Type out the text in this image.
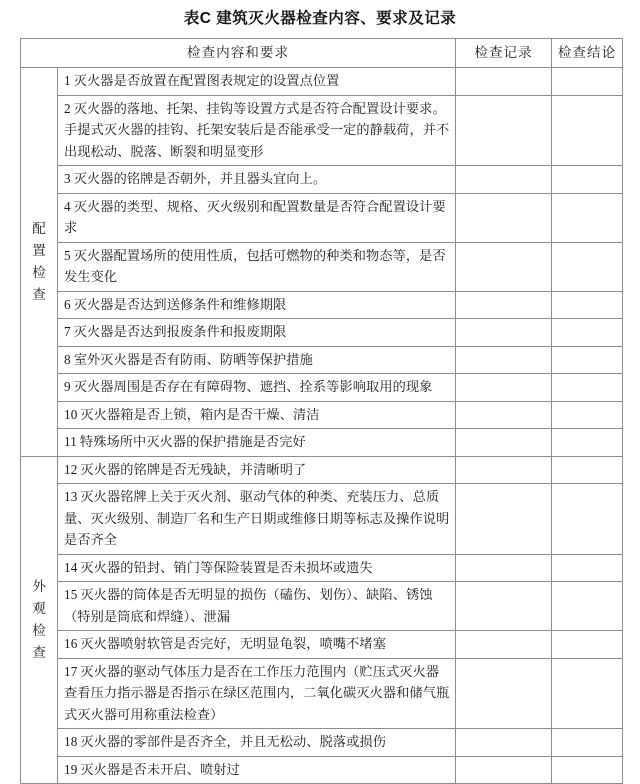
表C 建筑灭火器检查内容、要求及记录
检查内容和要求		检查记录	检查结论

配
置
检
查	1 灭火器是否放置在配置图表规定的设置点位置		
	2 灭火器的落地、托架、挂钩等设置方式是否符合配置设计要求。手提式灭火器的挂钩、托架安装后是否能承受一定的静载荷，并不出现松动、脱落、断裂和明显变形		
	3 灭火器的铭牌是否朝外，并且器头宜向上。		
	4 灭火器的类型、规格、灭火级别和配置数量是否符合配置设计要求		
	5 灭火器配置场所的使用性质，包括可燃物的种类和物态等，是否发生变化		
	6 灭火器是否达到送修条件和维修期限		
	7 灭火器是否达到报废条件和报废期限		
	8 室外灭火器是否有防雨、防晒等保护措施		
	9 灭火器周围是否存在有障碍物、遮挡、拴系等影响取用的现象		
	10 灭火器箱是否上锁，箱内是否干燥、清洁		
	11 特殊场所中灭火器的保护措施是否完好		

外
观
检
查	12 灭火器的铭牌是否无残缺，并清晰明了		
	13 灭火器铭牌上关于灭火剂、驱动气体的种类、充装压力、总质量、灭火级别、制造厂名和生产日期或维修日期等标志及操作说明是否齐全		
	14 灭火器的铅封、销门等保险装置是否未损坏或遗失		
	15 灭火器的筒体是否无明显的损伤（磕伤、划伤）、缺陷、锈蚀（特别是筒底和焊缝）、泄漏		
	16 灭火器喷射软管是否完好，无明显龟裂，喷嘴不堵塞		
	17 灭火器的驱动气体压力是否在工作压力范围内（贮压式灭火器查看压力指示器是否指示在绿区范围内，二氧化碳灭火器和储气瓶式灭火器可用称重法检查）		
	18 灭火器的零部件是否齐全，并且无松动、脱落或损伤		
	19 灭火器是否未开启、喷射过		
